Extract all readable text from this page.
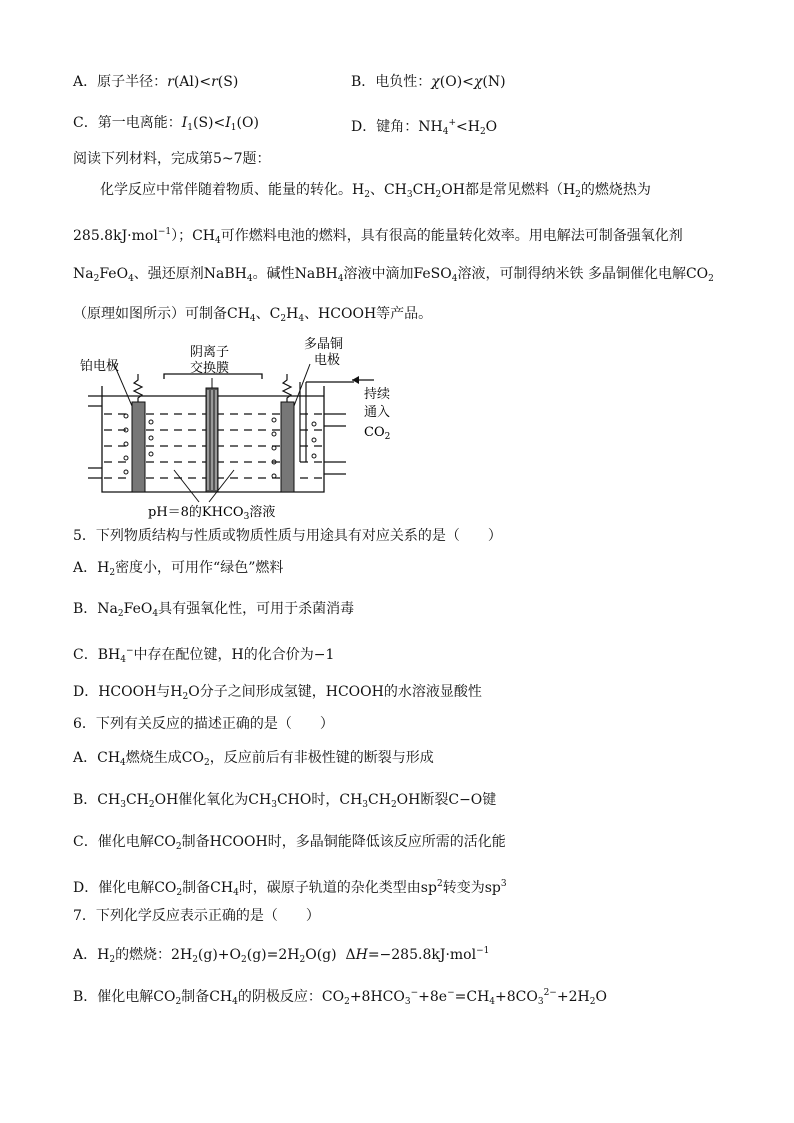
A．原子半径：r(Al)<r(S)	B．电负性：χ(O)<χ(N)
C．第一电离能：$I_1(S)<I_1(O)$	D．键角：$NH_4^+<H_2O$
阅读下列材料，完成第5~7题：
化学反应中常伴随着物质、能量的转化。$H_2$、$CH_3CH_2OH$都是常见燃料（$H_2$的燃烧热为
285.8kJ·mol$^{-1}$）；$CH_4$可作燃料电池的燃料，具有很高的能量转化效率。用电解法可制备强氧化剂
$Na_2FeO_4$、强还原剂NaBH$_4$。碱性NaBH$_4$溶液中滴加FeSO$_4$溶液，可制得纳米铁 多晶铜催化电解$CO_2$
（原理如图所示）可制备$CH_4$、$C_2H_4$、HCOOH等产品。
铂电极
阴离子
交换膜
多晶铜
电极
持续
通入
$CO_2$
pH＝8的$KHCO_3$溶液
5．下列物质结构与性质或物质性质与用途具有对应关系的是（　　）
A．$H_2$密度小，可用作“绿色”燃料
B．$Na_2FeO_4$具有强氧化性，可用于杀菌消毒
C．$BH_4^-$中存在配位键，H的化合价为−1
D．HCOOH与$H_2O$分子之间形成氢键，HCOOH的水溶液显酸性
6．下列有关反应的描述正确的是（　　）
A．$CH_4$燃烧生成$CO_2$，反应前后有非极性键的断裂与形成
B．$CH_3CH_2OH$催化氧化为$CH_3CHO$时，$CH_3CH_2OH$断裂C−O键
C．催化电解$CO_2$制备HCOOH时，多晶铜能降低该反应所需的活化能
D．催化电解$CO_2$制备$CH_4$时，碳原子轨道的杂化类型由$sp^2$转变为$sp^3$
7．下列化学反应表示正确的是（　　）
A．$H_2$的燃烧：$2H_2(g)+O_2(g)=2H_2O(g)$  ΔH=−285.8kJ·mol$^{-1}$
B．催化电解$CO_2$制备$CH_4$的阴极反应：$CO_2+8HCO_3^-+8e^-=CH_4+8CO_3^{2-}+2H_2O$
